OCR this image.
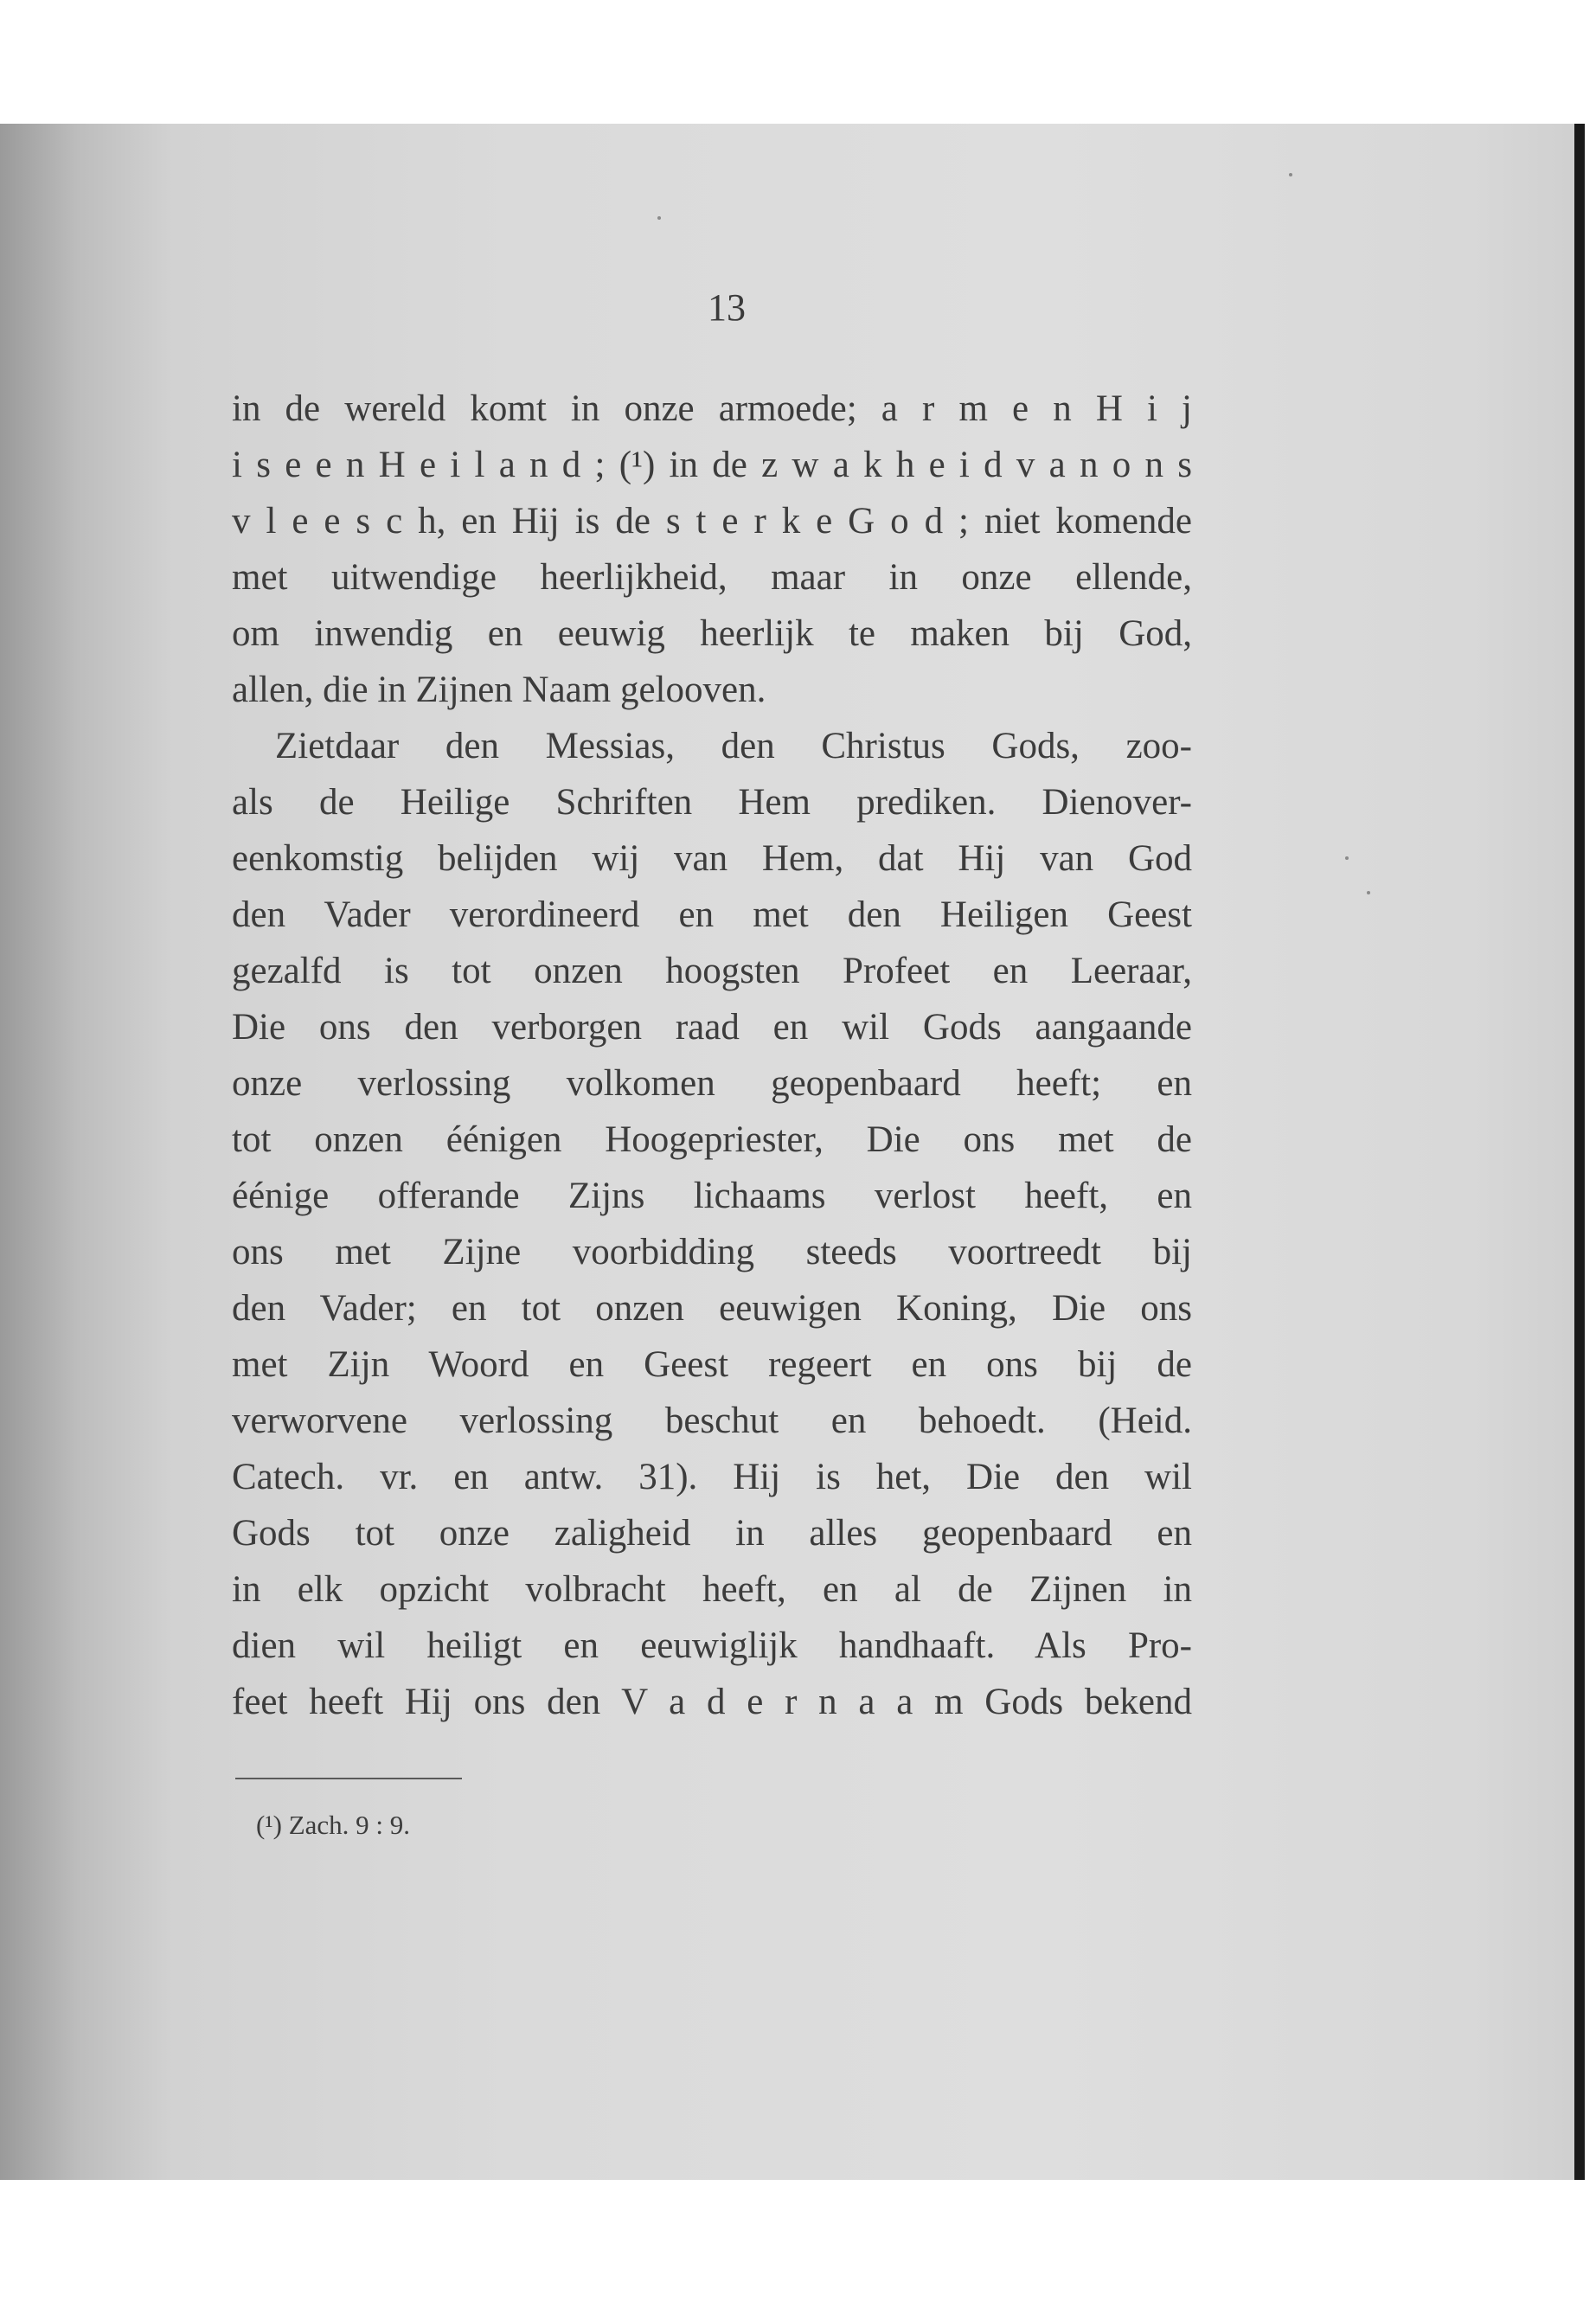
13
in de wereld komt in onze armoede; a r m e n H i j
i s e e n H e i l a n d ; (¹) in de z w a k h e i d v a n o n s
v l e e s c h, en Hij is de s t e r k e G o d ; niet komende
met uitwendige heerlijkheid, maar in onze ellende,
om inwendig en eeuwig heerlijk te maken bij God,
allen, die in Zijnen Naam gelooven.
Zietdaar den Messias, den Christus Gods, zoo-
als de Heilige Schriften Hem prediken. Dienover-
eenkomstig belijden wij van Hem, dat Hij van God
den Vader verordineerd en met den Heiligen Geest
gezalfd is tot onzen hoogsten Profeet en Leeraar,
Die ons den verborgen raad en wil Gods aangaande
onze verlossing volkomen geopenbaard heeft; en
tot onzen éénigen Hoogepriester, Die ons met de
éénige offerande Zijns lichaams verlost heeft, en
ons met Zijne voorbidding steeds voortreedt bij
den Vader; en tot onzen eeuwigen Koning, Die ons
met Zijn Woord en Geest regeert en ons bij de
verworvene verlossing beschut en behoedt. (Heid.
Catech. vr. en antw. 31). Hij is het, Die den wil
Gods tot onze zaligheid in alles geopenbaard en
in elk opzicht volbracht heeft, en al de Zijnen in
dien wil heiligt en eeuwiglijk handhaaft. Als Pro-
feet heeft Hij ons den V a d e r n a a m Gods bekend
(¹) Zach. 9 : 9.
